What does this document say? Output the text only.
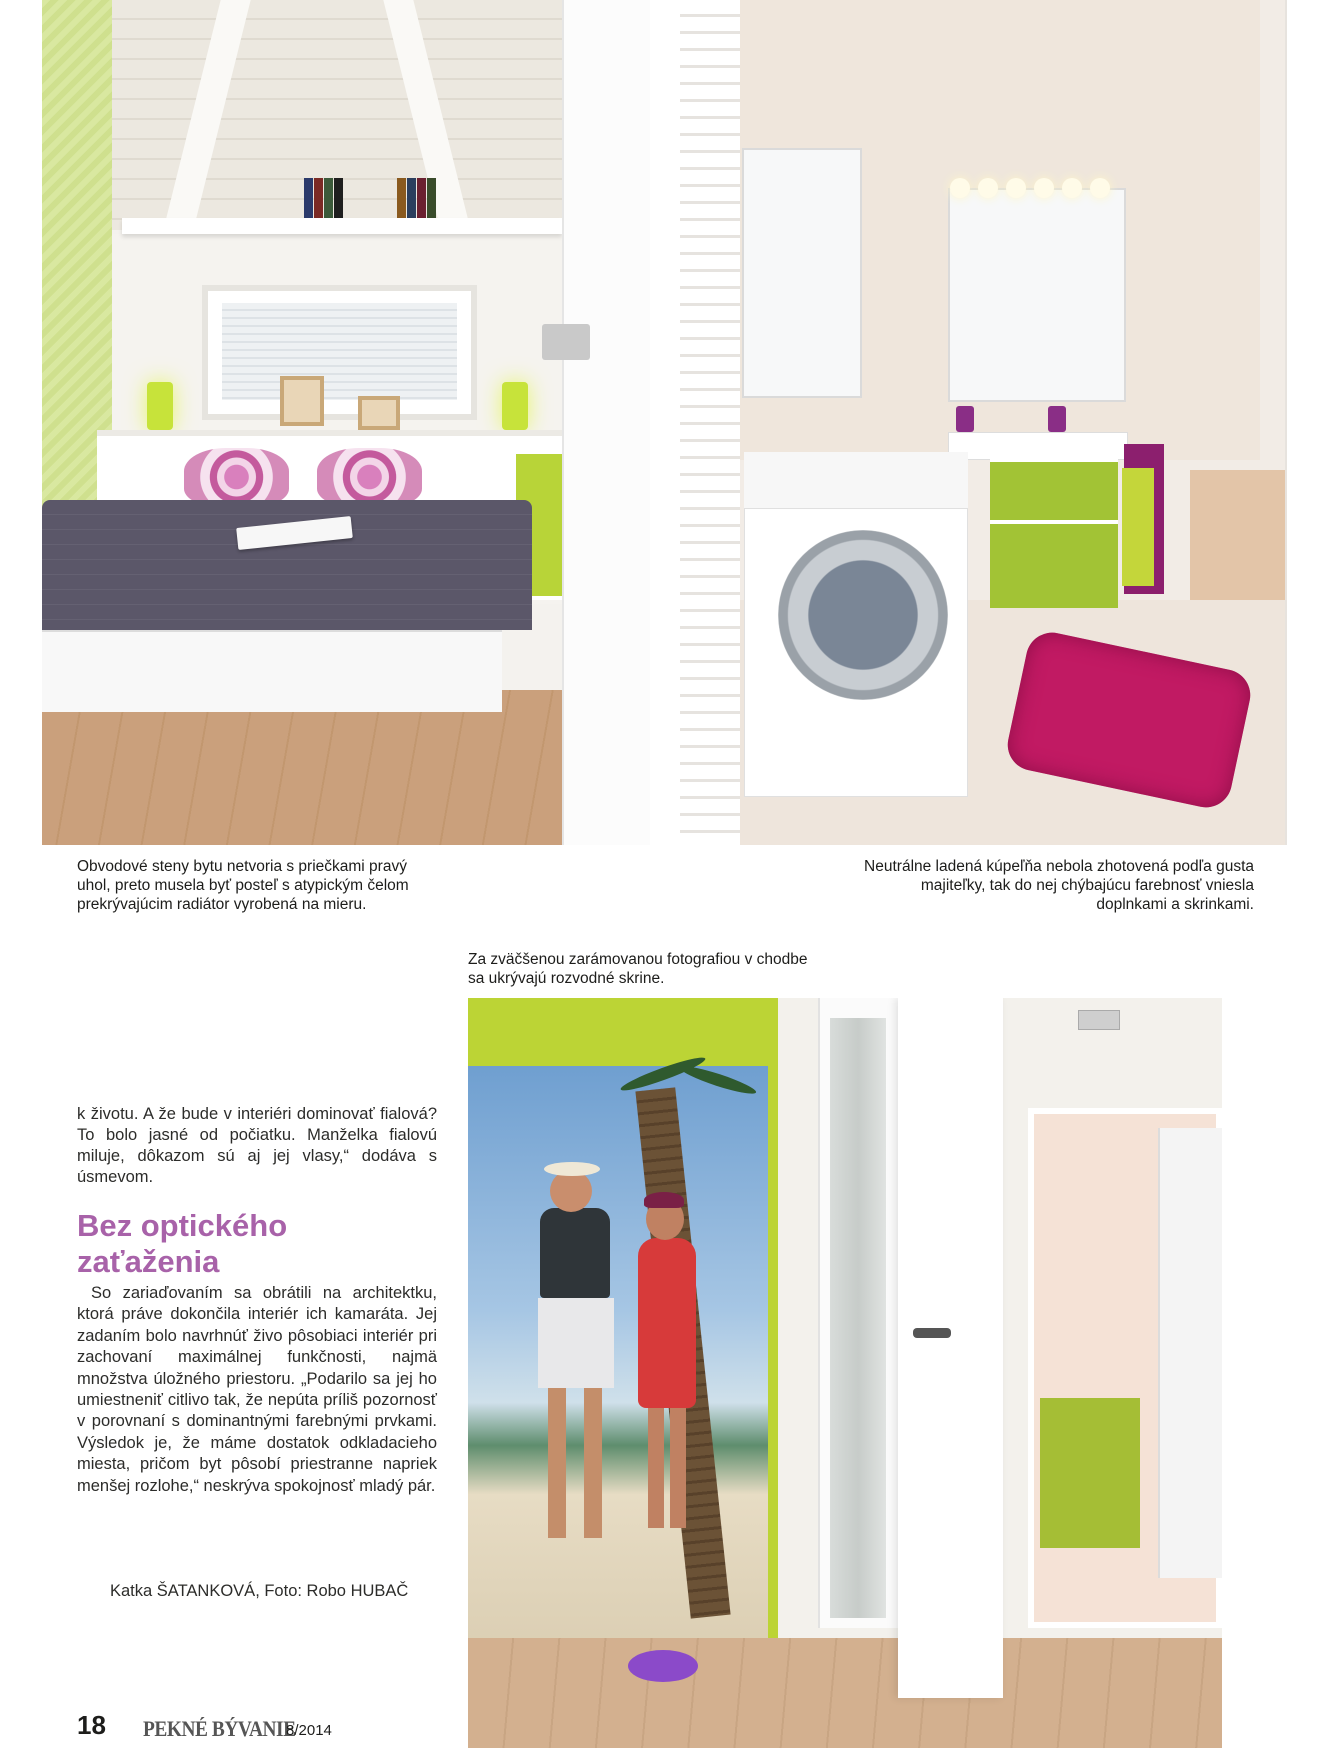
Obvodové steny bytu netvoria s priečkami pravý uhol, preto musela byť posteľ s atypickým čelom prekrývajúcim radiátor vyrobená na mieru.

Neutrálne ladená kúpeľňa nebola zhotovená podľa gusta majiteľky, tak do nej chýbajúcu farebnosť vniesla doplnkami a skrinkami.

Za zväčšenou zarámovanou fotografiou v chodbe sa ukrývajú rozvodné skrine.

k životu. A že bude v interiéri dominovať fialová? To bolo jasné od počiatku. Manželka fialovú miluje, dôkazom sú aj jej vlasy,“ dodáva s úsmevom.

Bez optického zaťaženia

So zariaďovaním sa obrátili na architektku, ktorá práve dokončila interiér ich kamaráta. Jej zadaním bolo navrhnúť živo pôsobiaci interiér pri zachovaní maximálnej funkčnosti, najmä množstva úložného priestoru. „Podarilo sa jej ho umiestneniť citlivo tak, že nepúta príliš pozornosť v porovnaní s dominantnými farebnými prvkami. Výsledok je, že máme dostatok odkladacieho miesta, pričom byt pôsobí priestranne napriek menšej rozlohe,“ neskrýva spokojnosť mladý pár.

Katka ŠATANKOVÁ, Foto: Robo HUBAČ

18 PEKNÉ BÝVANIE

8/2014
